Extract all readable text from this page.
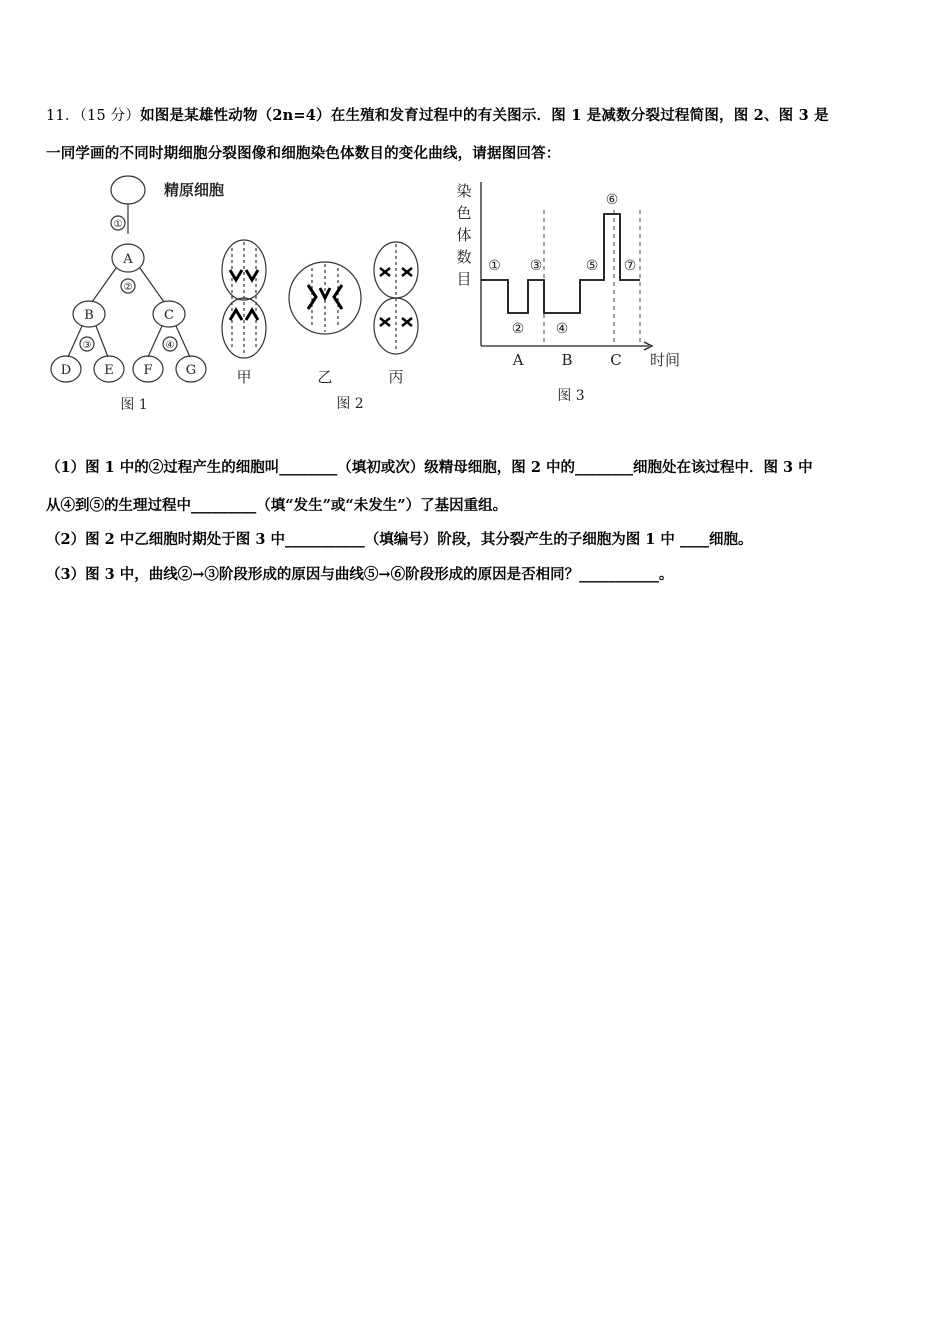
11．（15 分）如图是某雄性动物（2n=4）在生殖和发育过程中的有关图示．图 1 是减数分裂过程简图，图 2、图 3 是
一同学画的不同时期细胞分裂图像和细胞染色体数目的变化曲线，请据图回答：
精原细胞
①
A
②
B	C
③	④
D	E F	G
图 1
甲	乙	丙
图 2
染
色
体
数
目
①
②
③
④
⑤
⑥
⑦
A	B	C 时间
图 3
（1）图 1 中的②过程产生的细胞叫________（填初或次）级精母细胞，图 2 中的________细胞处在该过程中．图 3 中
从④到⑤的生理过程中_________（填“发生”或“未发生”）了基因重组。
（2）图 2 中乙细胞时期处于图 3 中___________（填编号）阶段，其分裂产生的子细胞为图 1 中 ____细胞。
（3）图 3 中，曲线②→③阶段形成的原因与曲线⑤→⑥阶段形成的原因是否相同？___________。
